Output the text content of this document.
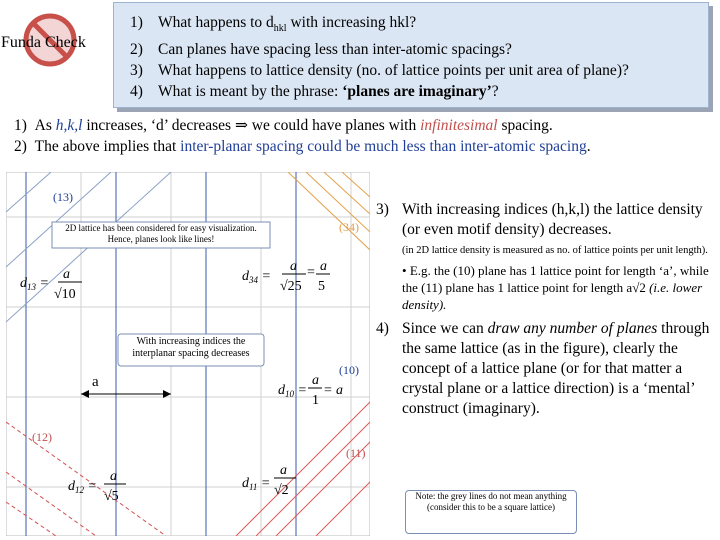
1) What happens to $d_{hkl}$ with increasing hkl?
2) Can planes have spacing less than inter-atomic spacings?
3) What happens to lattice density (no. of lattice points per unit area of plane)?
4) What is meant by the phrase: ‘planes are imaginary’?
Funda Check
1) As h,k,l increases, ‘d’ decreases ⇒ we could have planes with infinitesimal spacing.
2) The above implies that inter-planar spacing could be much less than inter-atomic spacing.
(13)
(34)
(10)
(12)
(11)
$d_{13}$ =
a
√10
$d_{34}$ =
a
√25
= a
5
$d_{10}$ =
a
1
= a
$d_{11}$ =
a
√2
$d_{12}$ =
a
√5
a
2D lattice has been considered for easy visualization. Hence, planes look like lines!
With increasing indices the interplanar spacing decreases
3) With increasing indices (h,k,l) the lattice density (or even motif density) decreases.
(in 2D lattice density is measured as no. of lattice points per unit length).
• E.g. the (10) plane has 1 lattice point for length ‘a’, while the (11) plane has 1 lattice point for length a√2 (i.e. lower density).
4) Since we can draw any number of planes through the same lattice (as in the figure), clearly the concept of a lattice plane (or for that matter a crystal plane or a lattice direction) is a ‘mental’ construct (imaginary).
Note: the grey lines do not mean anything (consider this to be a square lattice)
